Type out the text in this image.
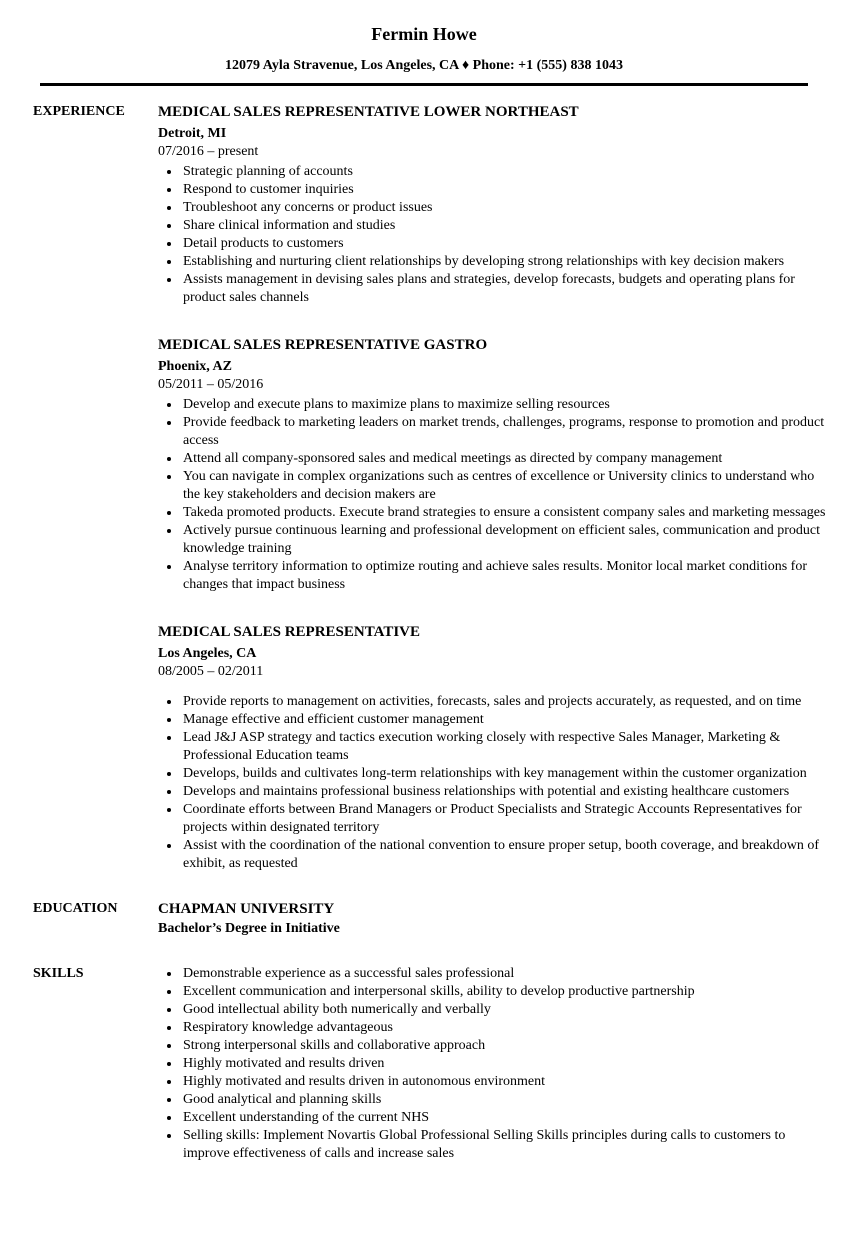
Fermin Howe
12079 Ayla Stravenue, Los Angeles, CA ♦ Phone: +1 (555) 838 1043
EXPERIENCE	MEDICAL SALES REPRESENTATIVE LOWER NORTHEAST
Detroit, MI
07/2016 – present
• Strategic planning of accounts
• Respond to customer inquiries
• Troubleshoot any concerns or product issues
• Share clinical information and studies
• Detail products to customers
• Establishing and nurturing client relationships by developing strong relationships with key decision makers
• Assists management in devising sales plans and strategies, develop forecasts, budgets and operating plans for product sales channels
MEDICAL SALES REPRESENTATIVE GASTRO
Phoenix, AZ
05/2011 – 05/2016
• Develop and execute plans to maximize plans to maximize selling resources
• Provide feedback to marketing leaders on market trends, challenges, programs, response to promotion and product access
• Attend all company-sponsored sales and medical meetings as directed by company management
• You can navigate in complex organizations such as centres of excellence or University clinics to understand who the key stakeholders and decision makers are
• Takeda promoted products. Execute brand strategies to ensure a consistent company sales and marketing messages
• Actively pursue continuous learning and professional development on efficient sales, communication and product knowledge training
• Analyse territory information to optimize routing and achieve sales results. Monitor local market conditions for changes that impact business
MEDICAL SALES REPRESENTATIVE
Los Angeles, CA
08/2005 – 02/2011
• Provide reports to management on activities, forecasts, sales and projects accurately, as requested, and on time
• Manage effective and efficient customer management
• Lead J&J ASP strategy and tactics execution working closely with respective Sales Manager, Marketing & Professional Education teams
• Develops, builds and cultivates long-term relationships with key management within the customer organization
• Develops and maintains professional business relationships with potential and existing healthcare customers
• Coordinate efforts between Brand Managers or Product Specialists and Strategic Accounts Representatives for projects within designated territory
• Assist with the coordination of the national convention to ensure proper setup, booth coverage, and breakdown of exhibit, as requested
EDUCATION	CHAPMAN UNIVERSITY
Bachelor’s Degree in Initiative
SKILLS	• Demonstrable experience as a successful sales professional
• Excellent communication and interpersonal skills, ability to develop productive partnership
• Good intellectual ability both numerically and verbally
• Respiratory knowledge advantageous
• Strong interpersonal skills and collaborative approach
• Highly motivated and results driven
• Highly motivated and results driven in autonomous environment
• Good analytical and planning skills
• Excellent understanding of the current NHS
• Selling skills: Implement Novartis Global Professional Selling Skills principles during calls to customers to improve effectiveness of calls and increase sales
